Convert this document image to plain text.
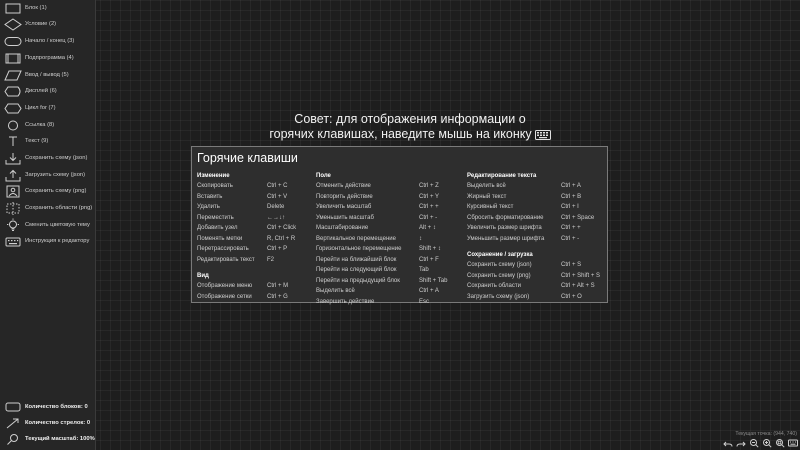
Блок (1)
Условие (2)
Начало / конец (3)
Подпрограмма (4)
Ввод / вывод (5)
Дисплей (6)
Цикл for (7)
Ссылка (8)
Текст (9)
Сохранить схему (json)
Загрузить схему (json)
Сохранить схему (png)
Сохранить области (png)
Сменить цветовую тему
Инструкция к редактору
Количество блоков: 0
Количество стрелок: 0
Текущий масштаб: 100%
Совет: для отображения информации о
горячих клавишах, наведите мышь на иконку
Горячие клавиши
Изменение
Скопировать	Ctrl + C
Вставить	Ctrl + V
Удалить	Delete
Переместить	←→↓↑
Добавить узел	Ctrl + Click
Поменять метки	R, Ctrl + R
Перетрассировать	Ctrl + P
Редактировать текст F2
Вид
Отображение меню Ctrl + M
Отображение сетки	Ctrl + G
Поле
Отменить действие	Ctrl + Z
Повторить действие	Ctrl + Y
Увеличить масштаб	Ctrl + +
Уменьшить масштаб	Ctrl + -
Масштабирование	Alt + ↕
Вертикальное перемещение	↕
Горизонтальное перемещение	Shift + ↕
Перейти на ближайший блок	Ctrl + F
Перейти на следующий блок	Tab
Перейти на предыдущий блок	Shift + Tab
Выделить всё	Ctrl + A
Завершить действие	Esc
Редактирование текста
Выделить всё	Ctrl + A
Жирный текст	Ctrl + B
Курсивный текст	Ctrl + I
Сбросить форматирование	Ctrl + Space
Увеличить размер шрифта	Ctrl + +
Уменьшить размер шрифта	Ctrl + -
Сохранение / загрузка
Сохранить схему (json)	Ctrl + S
Сохранить схему (png)	Ctrl + Shift + S
Сохранить области	Ctrl + Alt + S
Загрузить схему (json)	Ctrl + O
Текущая точка: (944, 740)
